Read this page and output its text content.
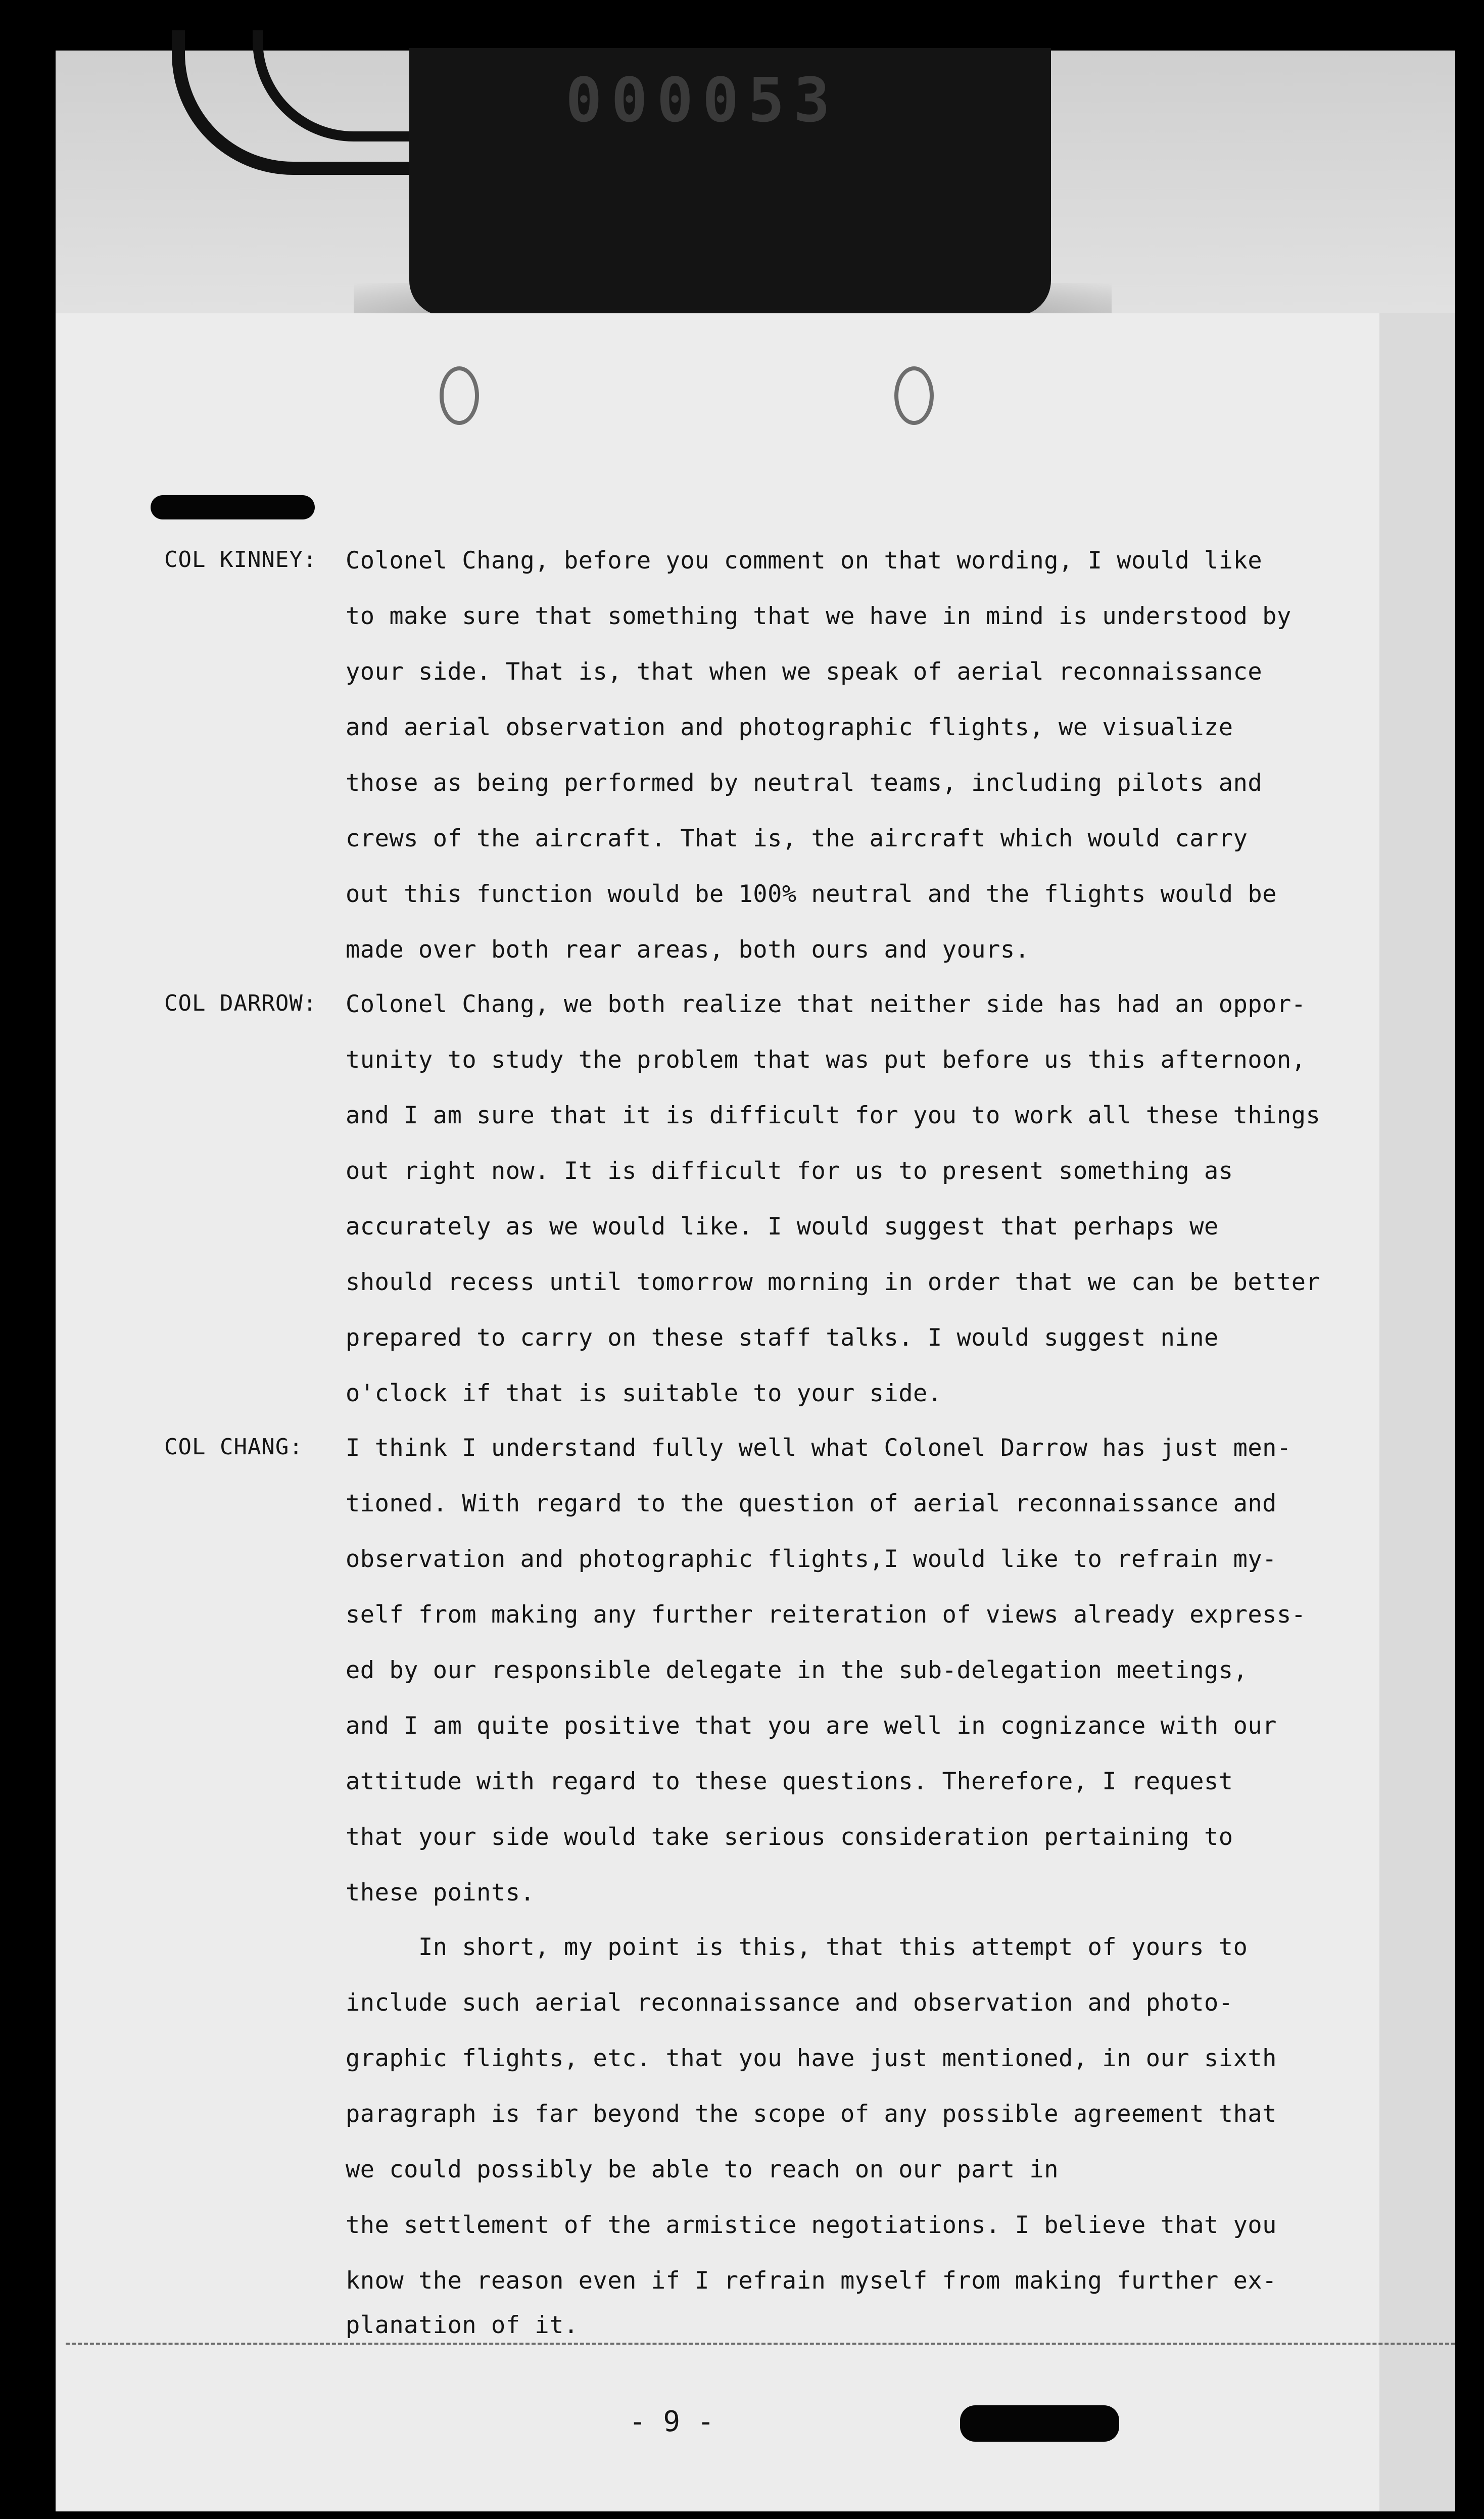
000053
COL KINNEY: Colonel Chang, before you comment on that wording, I would like
to make sure that something that we have in mind is understood by
your side. That is, that when we speak of aerial reconnaissance
and aerial observation and photographic flights, we visualize
those as being performed by neutral teams, including pilots and
crews of the aircraft. That is, the aircraft which would carry
out this function would be 100% neutral and the flights would be
made over both rear areas, both ours and yours.
COL DARROW: Colonel Chang, we both realize that neither side has had an oppor-
tunity to study the problem that was put before us this afternoon,
and I am sure that it is difficult for you to work all these things
out right now. It is difficult for us to present something as
accurately as we would like. I would suggest that perhaps we
should recess until tomorrow morning in order that we can be better
prepared to carry on these staff talks. I would suggest nine
o'clock if that is suitable to your side.
COL CHANG: I think I understand fully well what Colonel Darrow has just men-
tioned. With regard to the question of aerial reconnaissance and
observation and photographic flights,I would like to refrain my-
self from making any further reiteration of views already express-
ed by our responsible delegate in the sub-delegation meetings,
and I am quite positive that you are well in cognizance with our
attitude with regard to these questions. Therefore, I request
that your side would take serious consideration pertaining to
these points.
In short, my point is this, that this attempt of yours to
include such aerial reconnaissance and observation and photo-
graphic flights, etc. that you have just mentioned, in our sixth
paragraph is far beyond the scope of any possible agreement that
we could possibly be able to reach on our part in
the settlement of the armistice negotiations. I believe that you
know the reason even if I refrain myself from making further ex-
planation of it.
- 9 -
